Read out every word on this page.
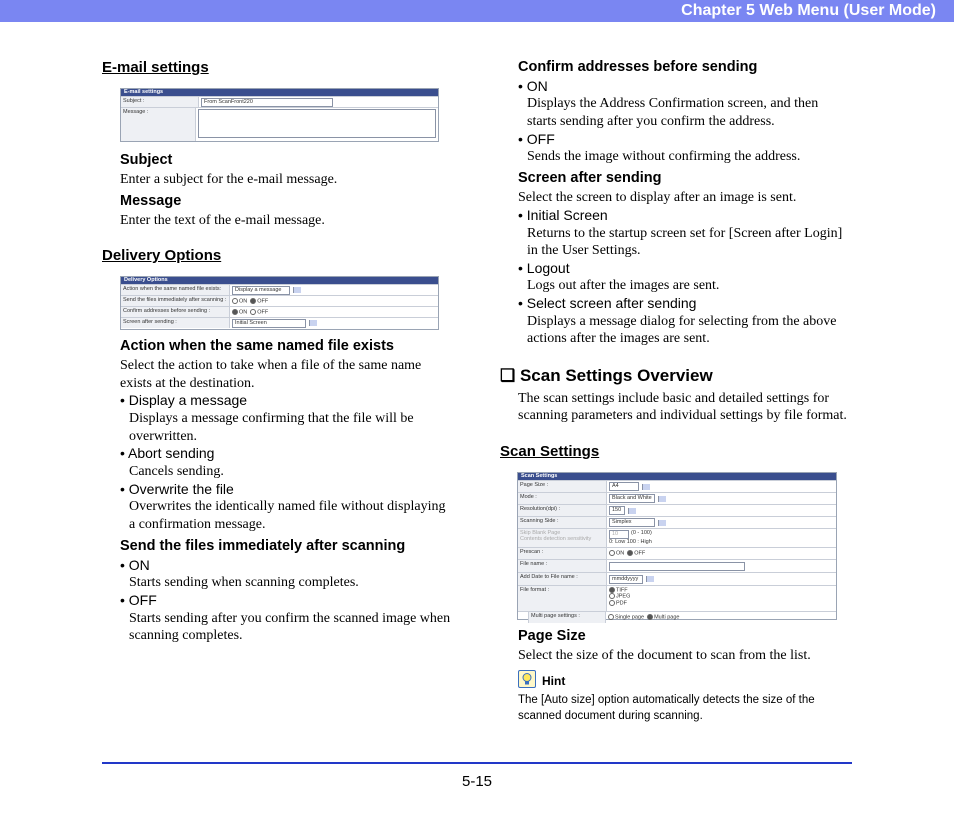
Chapter 5 Web Menu (User Mode)
E-mail settings
E-mail settings
Subject :	From ScanFront220
Message :
Subject
Enter a subject for the e-mail message.
Message
Enter the text of the e-mail message.
Delivery Options
Delivery Options
Action when the same named file exists:	Display a message
Send the files immediately after scanning :	ON	OFF
Confirm addresses before sending :	ON	OFF
Screen after sending :	Initial Screen
Action when the same named file exists
Select the action to take when a file of the same name
exists at the destination.
• Display a message
Displays a message confirming that the file will be
overwritten.
• Abort sending
Cancels sending.
• Overwrite the file
Overwrites the identically named file without displaying
a confirmation message.
Send the files immediately after scanning
• ON
Starts sending when scanning completes.
• OFF
Starts sending after you confirm the scanned image when
scanning completes.
Confirm addresses before sending
• ON
Displays the Address Confirmation screen, and then
starts sending after you confirm the address.
• OFF
Sends the image without confirming the address.
Screen after sending
Select the screen to display after an image is sent.
• Initial Screen
Returns to the startup screen set for [Screen after Login]
in the User Settings.
• Logout
Logs out after the images are sent.
• Select screen after sending
Displays a message dialog for selecting from the above
actions after the images are sent.
❑ Scan Settings Overview
The scan settings include basic and detailed settings for
scanning parameters and individual settings by file format.
Scan Settings
Scan Settings
Page Size :	A4
Mode :	Black and White
Resolution(dpi) :	150
Scanning Side :	Simplex
Skip Blank Page
Contents detection sensitivity
10	(0 - 100)
0: Low 100 : High
Prescan :	ON	OFF
File name :
Add Date to File name :	mmddyyyy
File format :	TIFF
JPEG
PDF
Multi page settings :	Single page	Multi page
Page Size
Select the size of the document to scan from the list.
Hint
The [Auto size] option automatically detects the size of the
scanned document during scanning.
5-15
